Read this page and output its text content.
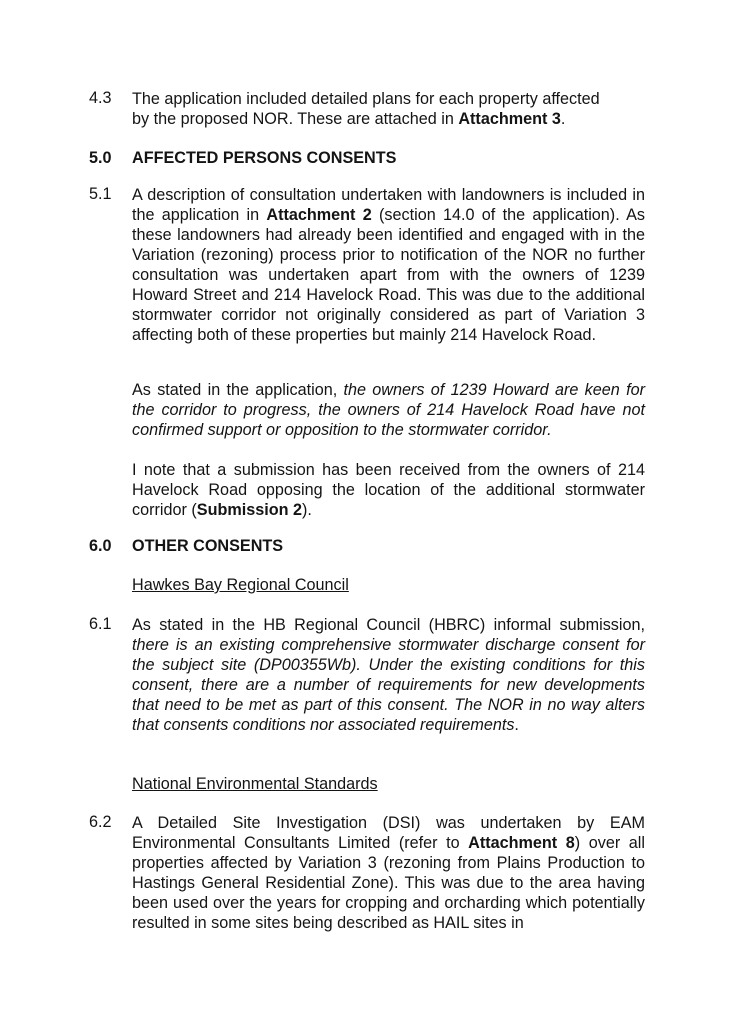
4.3	The application included detailed plans for each property affected
by the proposed NOR. These are attached in Attachment 3.
5.0	AFFECTED PERSONS CONSENTS
5.1	A description of consultation undertaken with landowners is included in the application in Attachment 2 (section 14.0 of the application). As these landowners had already been identified and engaged with in the Variation (rezoning) process prior to notification of the NOR no further consultation was undertaken apart from with the owners of 1239 Howard Street and 214 Havelock Road. This was due to the additional stormwater corridor not originally considered as part of Variation 3 affecting both of these properties but mainly 214 Havelock Road.
As stated in the application, the owners of 1239 Howard are keen for the corridor to progress, the owners of 214 Havelock Road have not confirmed support or opposition to the stormwater corridor.
I note that a submission has been received from the owners of 214 Havelock Road opposing the location of the additional stormwater corridor (Submission 2).
6.0	OTHER CONSENTS
Hawkes Bay Regional Council
6.1	As stated in the HB Regional Council (HBRC) informal submission, there is an existing comprehensive stormwater discharge consent for the subject site (DP00355Wb). Under the existing conditions for this consent, there are a number of requirements for new developments that need to be met as part of this consent. The NOR in no way alters that consents conditions nor associated requirements.
National Environmental Standards
6.2	A Detailed Site Investigation (DSI) was undertaken by EAM Environmental Consultants Limited (refer to Attachment 8) over all properties affected by Variation 3 (rezoning from Plains Production to Hastings General Residential Zone). This was due to the area having been used over the years for cropping and orcharding which potentially resulted in some sites being described as HAIL sites in
